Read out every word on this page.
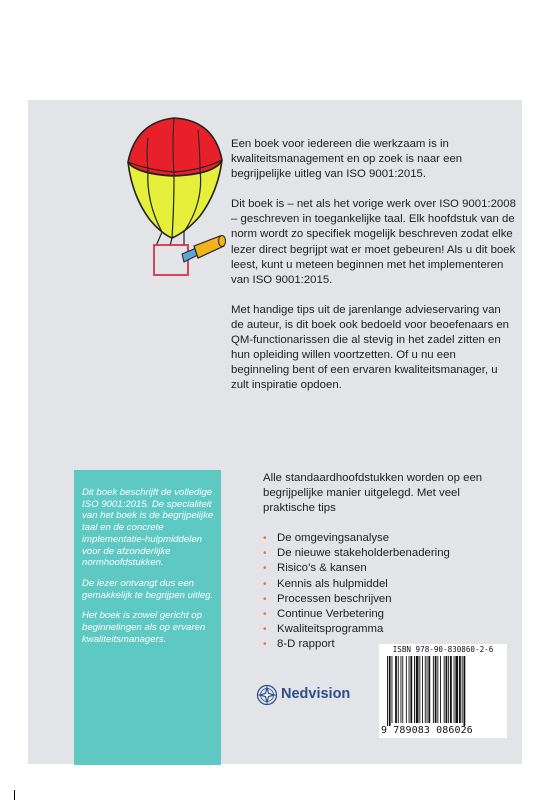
Een boek voor iedereen die werkzaam is in kwaliteitsmanagement en op zoek is naar een begrijpelijke uitleg van ISO 9001:2015.

Dit boek is – net als het vorige werk over ISO 9001:2008 – geschreven in toegankelijke taal. Elk hoofdstuk van de norm wordt zo specifiek mogelijk beschreven zodat elke lezer direct begrijpt wat er moet gebeuren! Als u dit boek leest, kunt u meteen beginnen met het implementeren van ISO 9001:2015.

Met handige tips uit de jarenlange advieservaring van de auteur, is dit boek ook bedoeld voor beoefenaars en QM-functionarissen die al stevig in het zadel zitten en hun opleiding willen voortzetten. Of u nu een beginneling bent of een ervaren kwaliteitsmanager, u zult inspiratie opdoen.

Dit boek beschrijft de volledige ISO 9001:2015. De specialiteit van het boek is de begrijpelijke taal en de concrete implementatie-hulpmiddelen voor de afzonderlijke normhoofdstukken.

De lezer ontvangt dus een gemakkelijk te begrijpen uitleg.

Het boek is zowel gericht op beginnelingen als op ervaren kwaliteitsmanagers.

Alle standaardhoofdstukken worden op een begrijpelijke manier uitgelegd. Met veel praktische tips
• De omgevingsanalyse
• De nieuwe stakeholderbenadering
• Risico’s & kansen
• Kennis als hulpmiddel
• Processen beschrijven
• Continue Verbetering
• Kwaliteitsprogramma
• 8-D rapport
Nedvision
ISBN 978-90-830860-2-6
9 789083 086026
